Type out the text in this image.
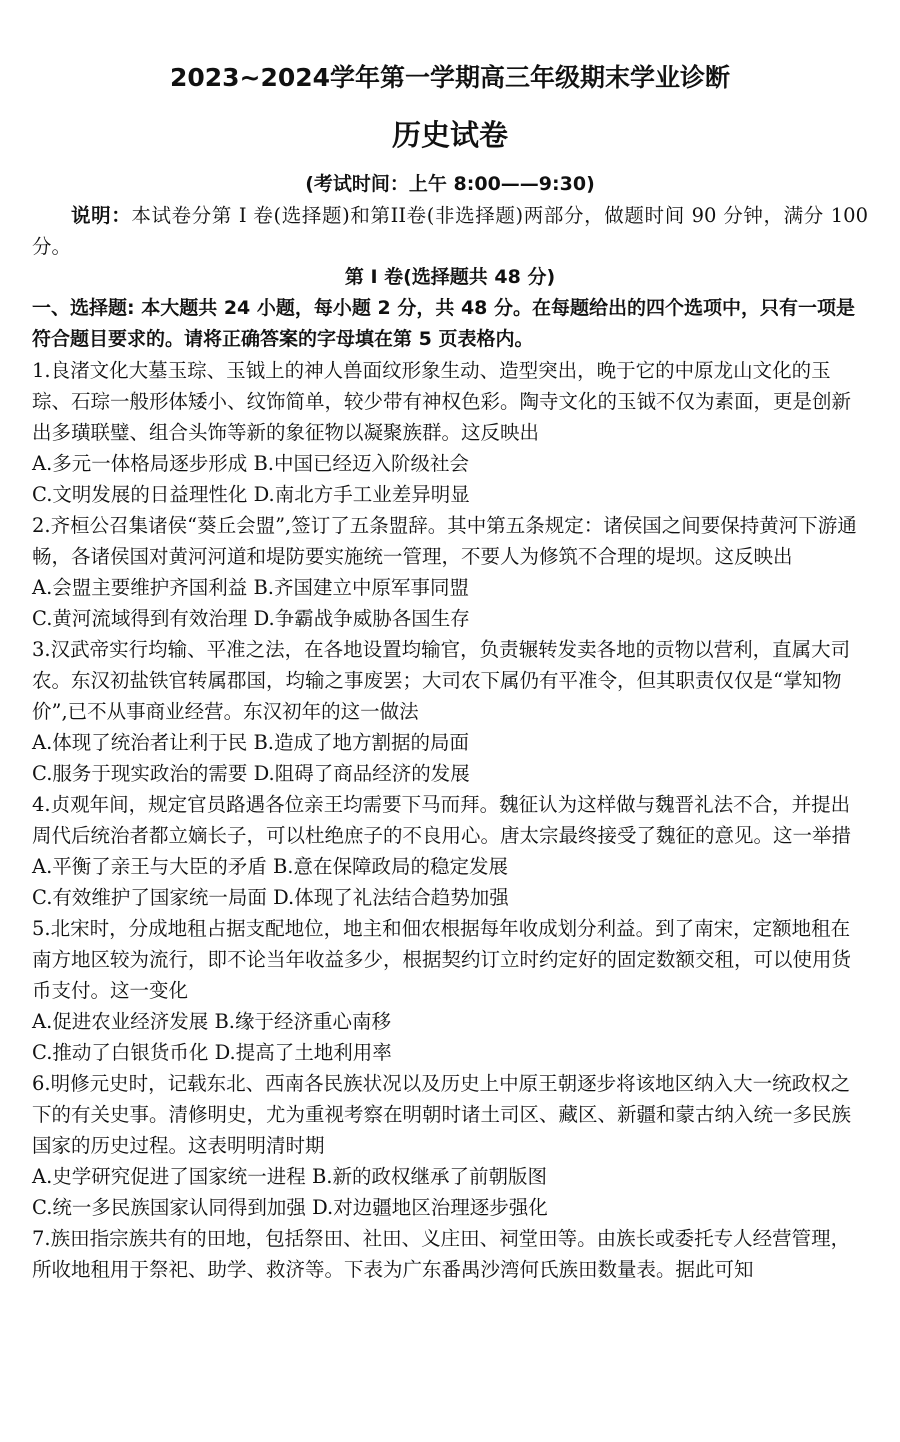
2023~2024学年第一学期高三年级期末学业诊断
历史试卷
(考试时间：上午 8:00——9:30)

说明：本试卷分第 I 卷(选择题)和第II卷(非选择题)两部分，做题时间 90 分钟，满分 100 分。

第 I 卷(选择题共 48 分)
一、选择题: 本大题共 24 小题，每小题 2 分，共 48 分。在每题给出的四个选项中，只有一项是符合题目要求的。请将正确答案的字母填在第 5 页表格内。
1.良渚文化大墓玉琮、玉钺上的神人兽面纹形象生动、造型突出，晚于它的中原龙山文化的玉琮、石琮一般形体矮小、纹饰简单，较少带有神权色彩。陶寺文化的玉钺不仅为素面，更是创新出多璜联璧、组合头饰等新的象征物以凝聚族群。这反映出
A.多元一体格局逐步形成 B.中国已经迈入阶级社会
C.文明发展的日益理性化 D.南北方手工业差异明显
2.齐桓公召集诸侯“葵丘会盟”,签订了五条盟辞。其中第五条规定：诸侯国之间要保持黄河下游通畅，各诸侯国对黄河河道和堤防要实施统一管理，不要人为修筑不合理的堤坝。这反映出
A.会盟主要维护齐国利益 B.齐国建立中原军事同盟
C.黄河流域得到有效治理 D.争霸战争威胁各国生存
3.汉武帝实行均输、平准之法，在各地设置均输官，负责辗转发卖各地的贡物以营利，直属大司农。东汉初盐铁官转属郡国，均输之事废罢；大司农下属仍有平准令，但其职责仅仅是“掌知物价”,已不从事商业经营。东汉初年的这一做法
A.体现了统治者让利于民 B.造成了地方割据的局面
C.服务于现实政治的需要 D.阻碍了商品经济的发展
4.贞观年间，规定官员路遇各位亲王均需要下马而拜。魏征认为这样做与魏晋礼法不合，并提出周代后统治者都立嫡长子，可以杜绝庶子的不良用心。唐太宗最终接受了魏征的意见。这一举措
A.平衡了亲王与大臣的矛盾 B.意在保障政局的稳定发展
C.有效维护了国家统一局面 D.体现了礼法结合趋势加强
5.北宋时，分成地租占据支配地位，地主和佃农根据每年收成划分利益。到了南宋，定额地租在南方地区较为流行，即不论当年收益多少，根据契约订立时约定好的固定数额交租，可以使用货币支付。这一变化
A.促进农业经济发展 B.缘于经济重心南移
C.推动了白银货币化 D.提高了土地利用率
6.明修元史时，记载东北、西南各民族状况以及历史上中原王朝逐步将该地区纳入大一统政权之下的有关史事。清修明史，尤为重视考察在明朝时诸土司区、藏区、新疆和蒙古纳入统一多民族国家的历史过程。这表明明清时期
A.史学研究促进了国家统一进程 B.新的政权继承了前朝版图
C.统一多民族国家认同得到加强 D.对边疆地区治理逐步强化
7.族田指宗族共有的田地，包括祭田、社田、义庄田、祠堂田等。由族长或委托专人经营管理，所收地租用于祭祀、助学、救济等。下表为广东番禺沙湾何氏族田数量表。据此可知
